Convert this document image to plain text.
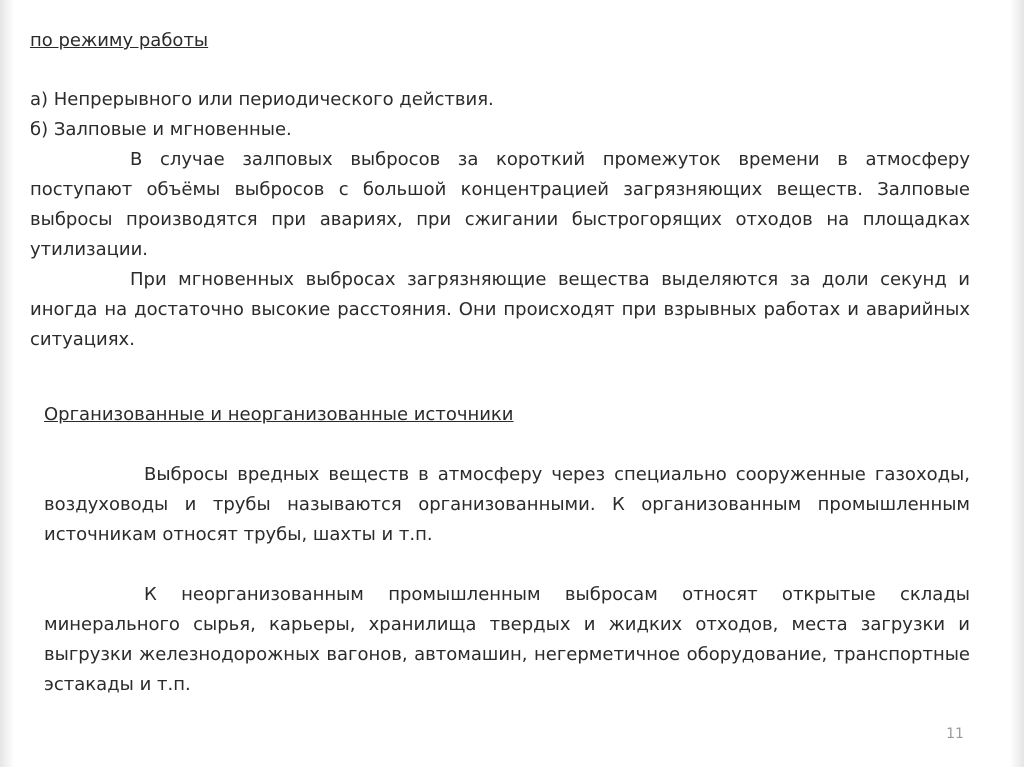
по режиму работы
а) Непрерывного или периодического действия.
б) Залповые и мгновенные.
В случае залповых выбросов за короткий промежуток времени в атмосферу поступают объёмы выбросов с большой концентрацией загрязняющих веществ. Залповые выбросы производятся при авариях, при сжигании быстрогорящих отходов на площадках утилизации.
При мгновенных выбросах загрязняющие вещества выделяются за доли секунд и иногда на достаточно высокие расстояния. Они происходят при взрывных работах и аварийных ситуациях.
Организованные и неорганизованные источники
Выбросы вредных веществ в атмосферу через специально сооруженные газоходы, воздуховоды и трубы называются организованными. К организованным промышленным источникам относят трубы, шахты и т.п.
К неорганизованным промышленным выбросам относят открытые склады минерального сырья, карьеры, хранилища твердых и жидких отходов, места загрузки и выгрузки железнодорожных вагонов, автомашин, негерметичное оборудование, транспортные эстакады и т.п.
11
